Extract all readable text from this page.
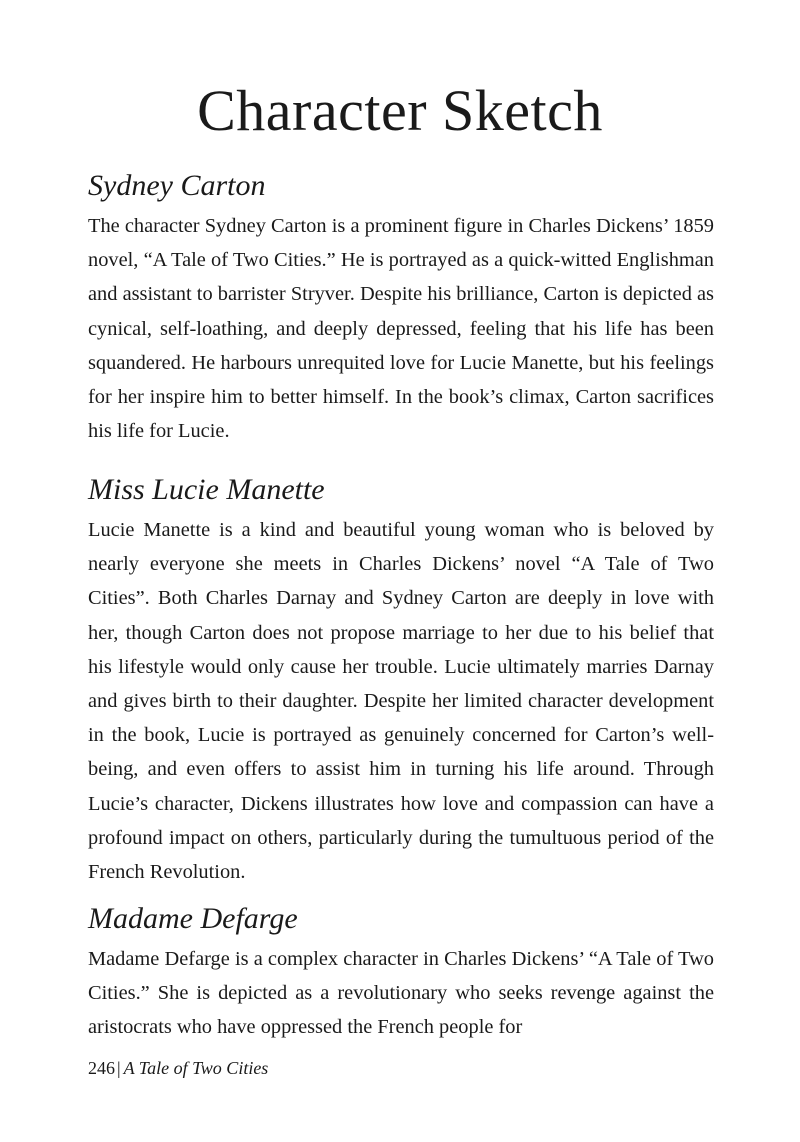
Character Sketch
Sydney Carton

The character Sydney Carton is a prominent figure in Charles Dickens’ 1859 novel, “A Tale of Two Cities.” He is portrayed as a quick-witted Englishman and assistant to barrister Stryver. Despite his brilliance, Carton is depicted as cynical, self-loathing, and deeply depressed, feeling that his life has been squandered. He harbours unrequited love for Lucie Manette, but his feelings for her inspire him to better himself. In the book’s climax, Carton sacrifices his life for Lucie.

Miss Lucie Manette

Lucie Manette is a kind and beautiful young woman who is beloved by nearly everyone she meets in Charles Dickens’ novel “A Tale of Two Cities”. Both Charles Darnay and Sydney Carton are deeply in love with her, though Carton does not propose marriage to her due to his belief that his lifestyle would only cause her trouble. Lucie ultimately marries Darnay and gives birth to their daughter. Despite her limited character development in the book, Lucie is portrayed as genuinely concerned for Carton’s well-being, and even offers to assist him in turning his life around. Through Lucie’s character, Dickens illustrates how love and compassion can have a profound impact on others, particularly during the tumultuous period of the French Revolution.

Madame Defarge

Madame Defarge is a complex character in Charles Dickens’ “A Tale of Two Cities.” She is depicted as a revolutionary who seeks revenge against the aristocrats who have oppressed the French people for

246 | A Tale of Two Cities
